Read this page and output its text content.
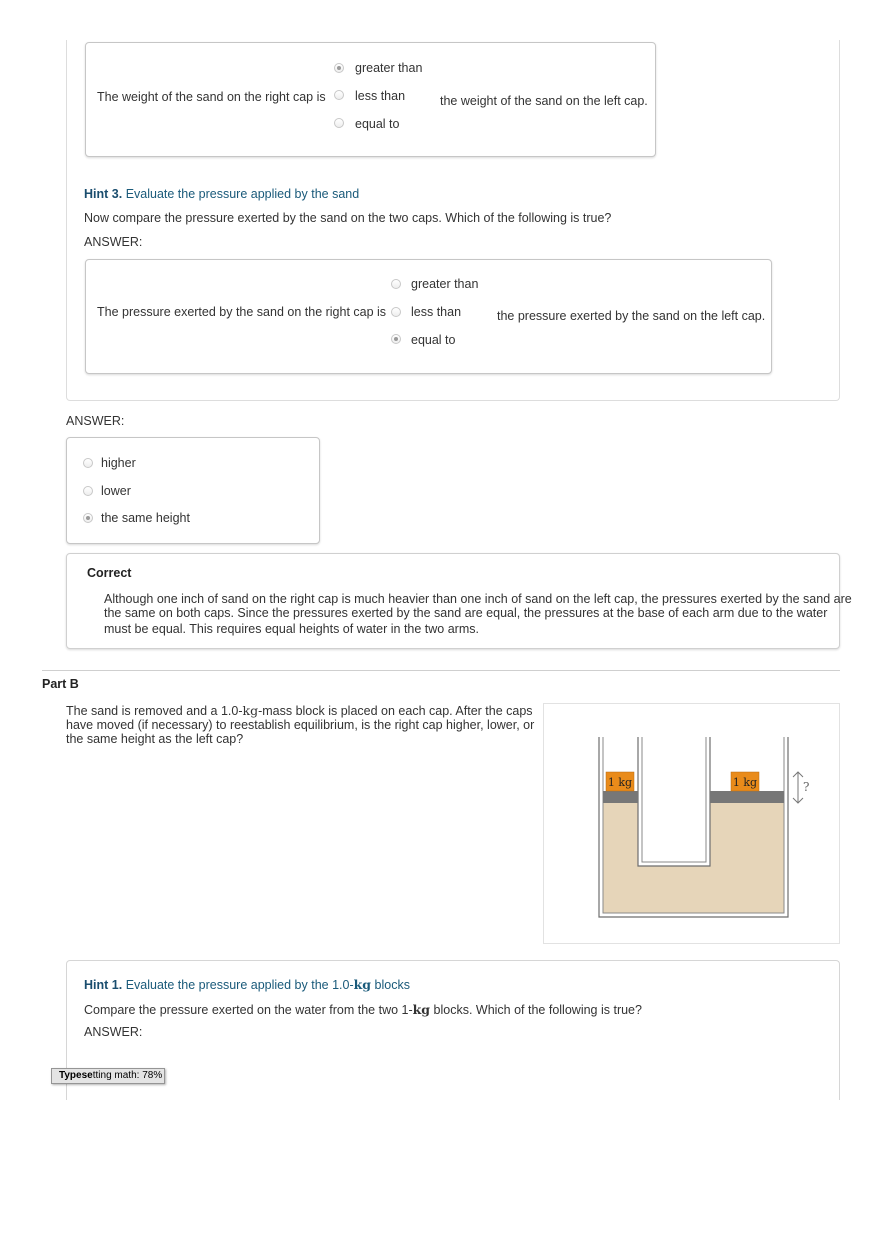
The weight of the sand on the right cap is
greater than
less than
equal to
the weight of the sand on the left cap.
Hint 3. Evaluate the pressure applied by the sand
Now compare the pressure exerted by the sand on the two caps. Which of the following is true?
ANSWER:
The pressure exerted by the sand on the right cap is
greater than
less than
equal to
the pressure exerted by the sand on the left cap.
ANSWER:
higher
lower
the same height
Correct
Although one inch of sand on the right cap is much heavier than one inch of sand on the left cap, the pressures exerted by the sand are
the same on both caps. Since the pressures exerted by the sand are equal, the pressures at the base of each arm due to the water
must be equal. This requires equal heights of water in the two arms.
Part B
The sand is removed and a 1.0-kg-mass block is placed on each cap. After the caps
have moved (if necessary) to reestablish equilibrium, is the right cap higher, lower, or
the same height as the left cap?
1 kg	1 kg	?
Hint 1. Evaluate the pressure applied by the 1.0-kg blocks
Compare the pressure exerted on the water from the two 1-kg blocks. Which of the following is true?
ANSWER:
Typesetting math: 78%
